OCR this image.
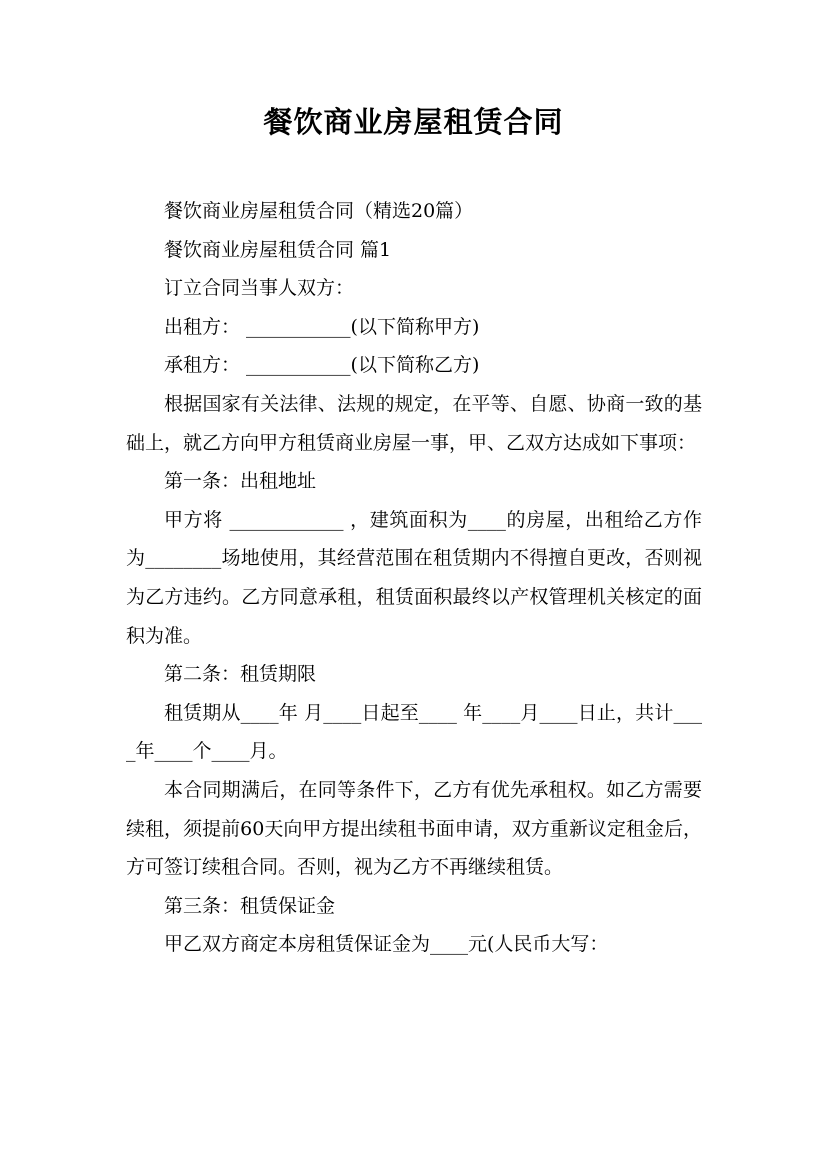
餐饮商业房屋租赁合同

餐饮商业房屋租赁合同（精选20篇）

餐饮商业房屋租赁合同 篇1

订立合同当事人双方：

出租方： ___________(以下简称甲方)

承租方： ___________(以下简称乙方)

根据国家有关法律、法规的规定，在平等、自愿、协商一致的基础上，就乙方向甲方租赁商业房屋一事，甲、乙双方达成如下事项：

第一条：出租地址

甲方将 ____________ ，建筑面积为____的房屋，出租给乙方作为________场地使用，其经营范围在租赁期内不得擅自更改，否则视为乙方违约。乙方同意承租，租赁面积最终以产权管理机关核定的面积为准。

第二条：租赁期限

租赁期从____年 月____日起至____ 年____月____日止，共计____年____个____月。

本合同期满后，在同等条件下，乙方有优先承租权。如乙方需要续租，须提前60天向甲方提出续租书面申请，双方重新议定租金后，方可签订续租合同。否则，视为乙方不再继续租赁。

第三条：租赁保证金

甲乙双方商定本房租赁保证金为____元(人民币大写：
